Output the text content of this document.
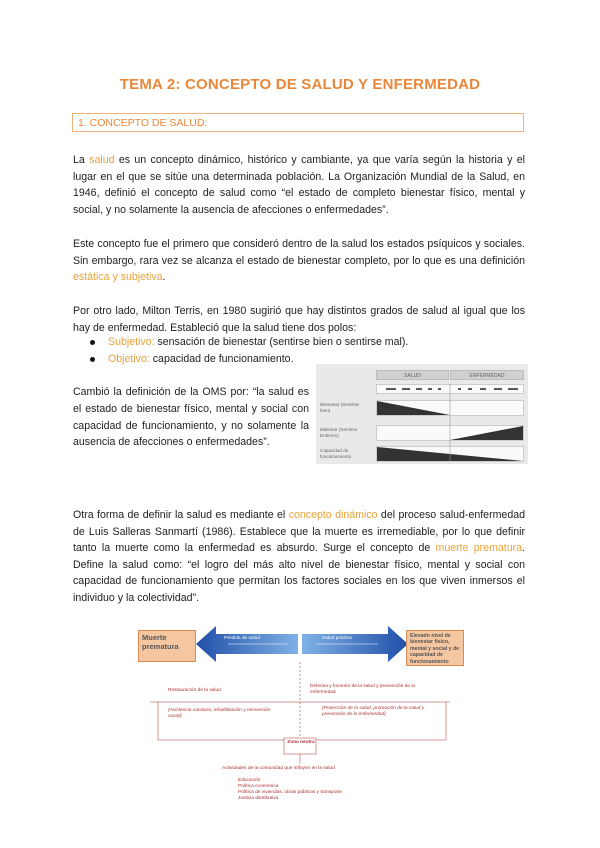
TEMA 2: CONCEPTO DE SALUD Y ENFERMEDAD
1. CONCEPTO DE SALUD:

La salud es un concepto dinámico, histórico y cambiante, ya que varía según la historia y el lugar en el que se sitúe una determinada población. La Organización Mundial de la Salud, en 1946, definió el concepto de salud como “el estado de completo bienestar físico, mental y social, y no solamente la ausencia de afecciones o enfermedades”.

Este concepto fue el primero que consideró dentro de la salud los estados psíquicos y sociales. Sin embargo, rara vez se alcanza el estado de bienestar completo, por lo que es una definición estática y subjetiva.

Por otro lado, Milton Terris, en 1980 sugirió que hay distintos grados de salud al igual que los hay de enfermedad. Estableció que la salud tiene dos polos:

Subjetivo: sensación de bienestar (sentirse bien o sentirse mal).
Objetivo: capacidad de funcionamiento.

Cambió la definición de la OMS por: “la salud es el estado de bienestar físico, mental y social con capacidad de funcionamiento, y no solamente la ausencia de afecciones o enfermedades”.

SALUD	ENFERMEDAD
Bienestar (Sentirse bien)
Malestar (Sentirse Enfermo)
Capacidad de funcionamiento

Otra forma de definir la salud es mediante el concepto dinámico del proceso salud-enfermedad de Luis Salleras Sanmartí (1986). Establece que la muerte es irremediable, por lo que definir tanto la muerte como la enfermedad es absurdo. Surge el concepto de muerte prematura. Define la salud como: “el logro del más alto nivel de bienestar físico, mental y social con capacidad de funcionamiento que permitan los factores sociales en los que viven inmersos el individuo y la colectividad”.

Muerte prematura
Elevado nivel de bienestar físico, mental y social y de capacidad de funcionamiento
Pérdida de salud	Salud positiva
Restauración de la salud
(Asistencia sanitaria, rehabilitación y reinserción social)
Defensa y fomento de la salud y prevención de la enfermedad
(Protección de la salud, promoción de la salud y prevención de la enfermedad)
Zona neutra
Actividades de la comunidad que influyen en la salud
Educación
Política económica
Política de viviendas, obras públicas y transporte
Justicia distributiva
